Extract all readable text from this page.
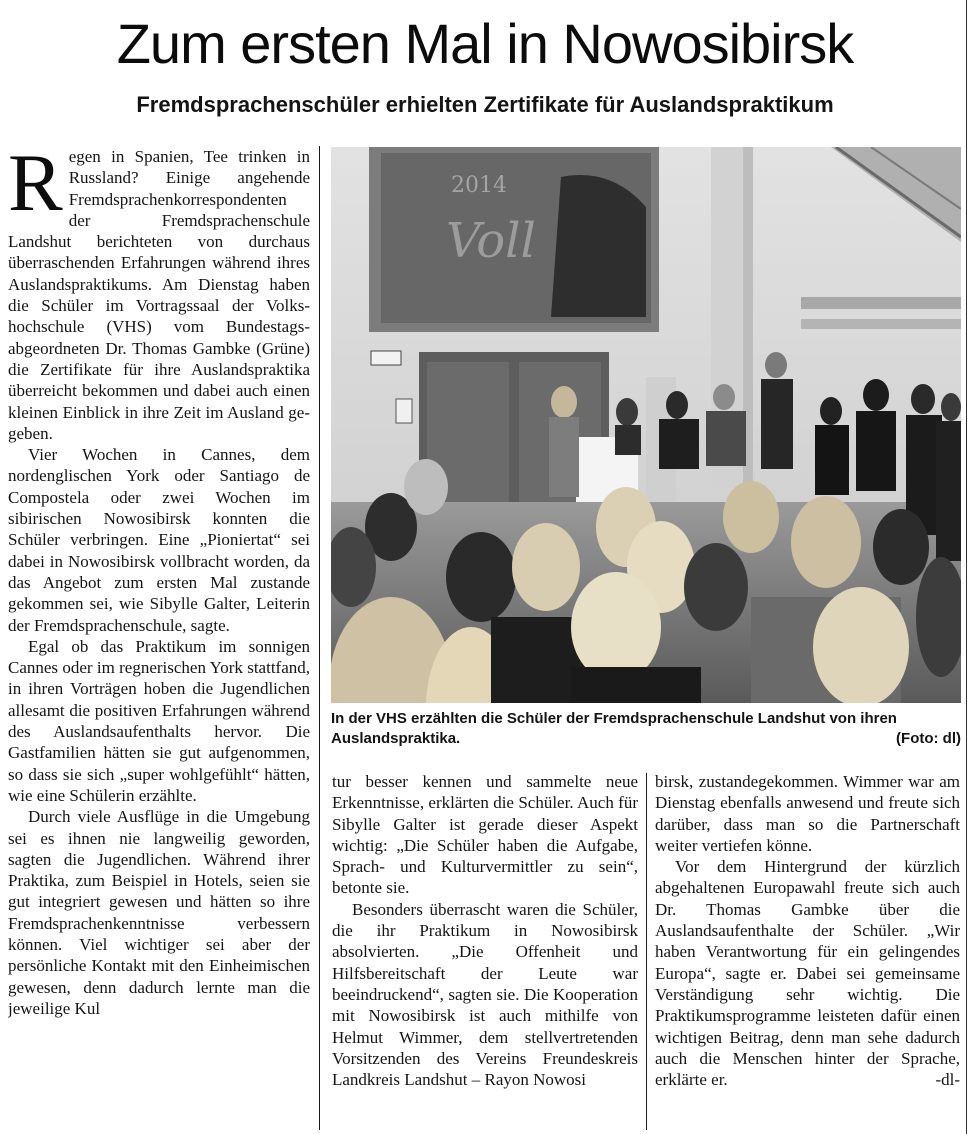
Zum ersten Mal in Nowosibirsk
Fremdsprachenschüler erhielten Zertifikate für Auslandspraktikum

Regen in Spanien, Tee trinken in Russland? Einige angehende Fremdsprachenkorrespondenten der Fremdsprachenschule Landshut berichteten von durchaus überraschenden Erfahrungen während ihres Auslandspraktikums. Am Dienstag haben die Schüler im Vortragssaal der Volkshochschule (VHS) vom Bundestagsabgeordneten Dr. Thomas Gambke (Grüne) die Zertifikate für ihre Auslandspraktika überreicht bekommen und dabei auch einen kleinen Einblick in ihre Zeit im Ausland gegeben.

Vier Wochen in Cannes, dem nordenglischen York oder Santiago de Compostela oder zwei Wochen im sibirischen Nowosibirsk konnten die Schüler verbringen. Eine „Pioniertat“ sei dabei in Nowosibirsk vollbracht worden, da das Angebot zum ersten Mal zustande gekommen sei, wie Sibylle Galter, Leiterin der Fremdsprachenschule, sagte.

Egal ob das Praktikum im sonnigen Cannes oder im regnerischen York stattfand, in ihren Vorträgen hoben die Jugendlichen allesamt die positiven Erfahrungen während des Auslandsaufenthalts hervor. Die Gastfamilien hätten sie gut aufgenommen, so dass sie sich „super wohlgefühlt“ hätten, wie eine Schülerin erzählte.

Durch viele Ausflüge in die Umgebung sei es ihnen nie langweilig geworden, sagten die Jugendlichen. Während ihrer Praktika, zum Beispiel in Hotels, seien sie gut integriert gewesen und hätten so ihre Fremdsprachenkenntnisse verbessern können. Viel wichtiger sei aber der persönliche Kontakt mit den Einheimischen gewesen, denn dadurch lernte man die jeweilige Kul

2014
Voll
In der VHS erzählten die Schüler der Fremdsprachenschule Landshut von ihren Auslandspraktika.	(Foto: dl)

tur besser kennen und sammelte neue Erkenntnisse, erklärten die Schüler. Auch für Sibylle Galter ist gerade dieser Aspekt wichtig: „Die Schüler haben die Aufgabe, Sprach- und Kulturvermittler zu sein“, betonte sie.

Besonders überrascht waren die Schüler, die ihr Praktikum in Nowosibirsk absolvierten. „Die Offenheit und Hilfsbereitschaft der Leute war beeindruckend“, sagten sie. Die Kooperation mit Nowosibirsk ist auch mithilfe von Helmut Wimmer, dem stellvertretenden Vorsitzenden des Vereins Freundeskreis Landkreis Landshut – Rayon Nowosi

birsk, zustandegekommen. Wimmer war am Dienstag ebenfalls anwesend und freute sich darüber, dass man so die Partnerschaft weiter vertiefen könne.

Vor dem Hintergrund der kürzlich abgehaltenen Europawahl freute sich auch Dr. Thomas Gambke über die Auslandsaufenthalte der Schüler. „Wir haben Verantwortung für ein gelingendes Europa“, sagte er. Dabei sei gemeinsame Verständigung sehr wichtig. Die Praktikumsprogramme leisteten dafür einen wichtigen Beitrag, denn man sehe dadurch auch die Menschen hinter der Sprache, erklärte er.	-dl-
